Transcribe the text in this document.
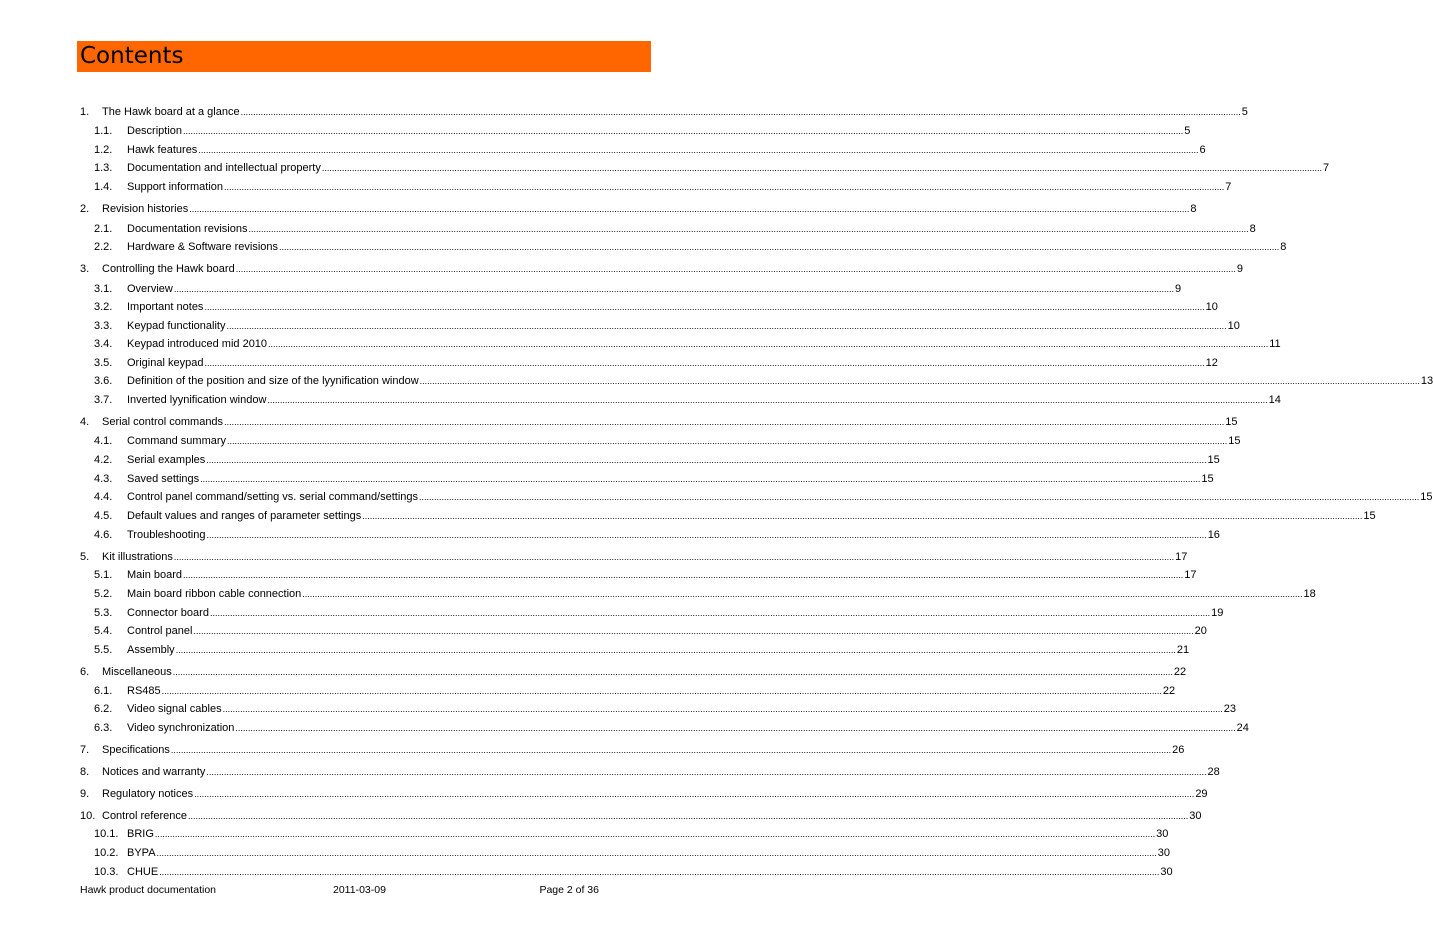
Contents
1.	The Hawk board at a glance ................................................................................................................................................................................................................................................................................................................................................................................................................ 5
1.1.	Description ................................................................................................................................................................................................................................................................................................................................................................................................................ 5
1.2.	Hawk features ................................................................................................................................................................................................................................................................................................................................................................................................................ 6
1.3.	Documentation and intellectual property ................................................................................................................................................................................................................................................................................................................................................................................................................ 7
1.4.	Support information ................................................................................................................................................................................................................................................................................................................................................................................................................ 7
2.	Revision histories ................................................................................................................................................................................................................................................................................................................................................................................................................ 8
2.1.	Documentation revisions ................................................................................................................................................................................................................................................................................................................................................................................................................ 8
2.2.	Hardware & Software revisions ................................................................................................................................................................................................................................................................................................................................................................................................................ 8
3.	Controlling the Hawk board ................................................................................................................................................................................................................................................................................................................................................................................................................ 9
3.1.	Overview ................................................................................................................................................................................................................................................................................................................................................................................................................ 9
3.2.	Important notes ................................................................................................................................................................................................................................................................................................................................................................................................................ 10
3.3.	Keypad functionality ................................................................................................................................................................................................................................................................................................................................................................................................................ 10
3.4.	Keypad introduced mid 2010 ................................................................................................................................................................................................................................................................................................................................................................................................................ 11
3.5.	Original keypad ................................................................................................................................................................................................................................................................................................................................................................................................................ 12
3.6.	Definition of the position and size of the lyynification window ................................................................................................................................................................................................................................................................................................................................................................................................................ 13
3.7.	Inverted lyynification window ................................................................................................................................................................................................................................................................................................................................................................................................................ 14
4.	Serial control commands ................................................................................................................................................................................................................................................................................................................................................................................................................ 15
4.1.	Command summary ................................................................................................................................................................................................................................................................................................................................................................................................................ 15
4.2.	Serial examples ................................................................................................................................................................................................................................................................................................................................................................................................................ 15
4.3.	Saved settings ................................................................................................................................................................................................................................................................................................................................................................................................................ 15
4.4.	Control panel command/setting vs. serial command/settings ................................................................................................................................................................................................................................................................................................................................................................................................................ 15
4.5.	Default values and ranges of parameter settings ................................................................................................................................................................................................................................................................................................................................................................................................................ 15
4.6.	Troubleshooting ................................................................................................................................................................................................................................................................................................................................................................................................................ 16
5.	Kit illustrations ................................................................................................................................................................................................................................................................................................................................................................................................................ 17
5.1.	Main board ................................................................................................................................................................................................................................................................................................................................................................................................................ 17
5.2.	Main board ribbon cable connection ................................................................................................................................................................................................................................................................................................................................................................................................................ 18
5.3.	Connector board ................................................................................................................................................................................................................................................................................................................................................................................................................ 19
5.4.	Control panel ................................................................................................................................................................................................................................................................................................................................................................................................................ 20
5.5.	Assembly ................................................................................................................................................................................................................................................................................................................................................................................................................ 21
6.	Miscellaneous ................................................................................................................................................................................................................................................................................................................................................................................................................ 22
6.1.	RS485 ................................................................................................................................................................................................................................................................................................................................................................................................................ 22
6.2.	Video signal cables ................................................................................................................................................................................................................................................................................................................................................................................................................ 23
6.3.	Video synchronization ................................................................................................................................................................................................................................................................................................................................................................................................................ 24
7.	Specifications ................................................................................................................................................................................................................................................................................................................................................................................................................ 26
8.	Notices and warranty ................................................................................................................................................................................................................................................................................................................................................................................................................ 28
9.	Regulatory notices ................................................................................................................................................................................................................................................................................................................................................................................................................ 29
10. Control reference ................................................................................................................................................................................................................................................................................................................................................................................................................ 30
10.1. BRIG ................................................................................................................................................................................................................................................................................................................................................................................................................ 30
10.2. BYPA ................................................................................................................................................................................................................................................................................................................................................................................................................ 30
10.3. CHUE ................................................................................................................................................................................................................................................................................................................................................................................................................ 30
Hawk product documentation	2011-03-09	Page 2 of 36
